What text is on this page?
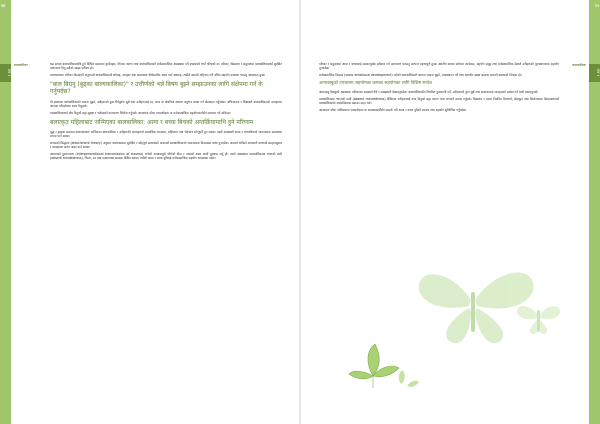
१४
सत्र १
बालबालिका	यस सत्रमा बालबालिकामाथि हुने विभिन्न प्रकारका दुर्व्यवहार, तिनका कारण तथा बालबालिकाको मनोसामाजिक अवस्थामा पर्ने प्रभावबारे चर्चा गरिएको छ। परिवार, विद्यालय र समुदायमा बालबालिकालाई सुरक्षित वातावरण दिनु सबैको साझा दायित्व हो।

बाल्यकालमा भोगेका पीडादायी अनुभवले बालबालिकाको सोचाइ, व्यवहार तथा सम्बन्धमा दीर्घकालीन असर पार्न सक्छन्। त्यसैले समयमै पहिचान गरी उचित सहयोग उपलब्ध गराउनु आवश्यक हुन्छ।

"बाल बिग्रनु (बुढ्का बाल्यकालिका)" र उत्तीर्णको भन्ने बिषय बुझ्ने सम्झाउनका लागि संक्षेपमा गर्न के गर्नुपर्दछ?

यो सवालमा बालबालिकाको भावना बुझ्ने, उनीहरूको कुरा धैर्यपूर्वक सुन्ने तथा उनीहरूलाई डर, लाज वा दोषबिना आफ्ना अनुभव व्यक्त गर्न प्रोत्साहन गर्नुपर्दछ। अभिभावक र शिक्षकले बालबालिकाको व्यवहारमा आएका परिवर्तनमा ध्यान दिनुपर्छ।

बालबालिकालाई दोष दिनुको सट्टा सुरक्षा र भरोसाको वातावरण सिर्जना गर्नुपर्छ। आवश्यक परेमा परामर्शदाता वा मनोसामाजिक सहयोगकर्तासँग समन्वय गर्न सकिन्छ।

बलात्कृत महिलाबाट जन्मिएका बालबालिका: आमा र बच्चा बिचको अन्तर्क्रियामाथि हुने परिणाम

युद्ध र द्वन्द्वका समयमा बलात्कारबाट जन्मिएका बालबालिका र उनीहरूकी आमाहरूले सामाजिक लाञ्छना, बहिष्कार तथा भेदभाव भोग्नुपर्ने हुन सक्छ। यस्तो अवस्थाले आमा र बच्चाबिचको भावनात्मक सम्बन्धमा प्रभाव पार्न सक्छ।

लगावको सिद्धान्त (attachment theory) अनुसार बाल्यकालमा सुरक्षित र स्नेहपूर्ण सम्बन्धको अभावले बालबालिकाको भावनात्मक विकासमा बाधा पुर्‍याउँछ। आमाले भोगेको आघातले बच्चाको स्याहारसुसार र व्यवहारमा समेत असर पार्न सक्छ।

आघातको पुस्तान्तरण (intergenerational transmission of trauma) भनेको आमाबाबुले भोगेको पीडा र त्यसको असर अर्को पुस्तामा सर्नु हो। यस्तो अवस्थामा बालबालिकामा ध्यानको कमी (absent mindedness), चिन्ता, डर तथा एकाग्रतामा समस्या देखिन सक्छ। त्यसैले आमा र बच्चा दुवैलाई मनोसामाजिक सहयोग आवश्यक पर्दछ।

१५
सत्र १
बालबालिका

परिवार र समुदायमा आमा र बच्चालाई सम्मानपूर्वक स्वीकार गर्ने वातावरण बनाउनु अत्यन्त महत्त्वपूर्ण हुन्छ। स्थानीय स्तरमा सचेतना कार्यक्रम, सहयोग समूह तथा मनोसामाजिक सेवाले उनीहरूको पुनःस्थापनामा सहयोग पुर्‍याउँछ।

मनोसामाजिक विकास (socio-emotional development) भनेको बालबालिकाले आफ्ना भावना बुझ्ने, व्यवस्थापन गर्ने तथा अरूसँग स्वस्थ सम्बन्ध बनाउने क्षमताको विकास हो।

आमाबाबुको उपचारमा सहयोगका कमका सहयोगका लागि विशिष्ट सन्देश

आमाबाबु बिग्रनुको अवस्थामा परिवारका सदस्यले धैर्य र समझदारी देखाउनुपर्दछ। बालबालिकासँग नियमित कुराकानी गर्ने, उनीहरूको कुरा सुन्ने तथा सकारात्मक व्यवहारको प्रशंसा गर्ने बानी बसाल्नुपर्छ।

बालबालिकामा ध्यानको कमी (absent mindedness) देखिएमा उनीहरूलाई दण्ड दिनुको सट्टा कारण पत्ता लगाउने प्रयास गर्नुपर्छ। विद्यालय र घरमा नियमित दिनचर्या, खेलकुद तथा सिर्जनात्मक क्रियाकलापले बालबालिकाको आत्मविश्वास बढाउन मद्दत गर्छ।

आवश्यक परेमा तालिमप्राप्त परामर्शदाता वा स्वास्थ्यकर्मीसँग सम्पर्क गरी आमा र बच्चा दुवैको उपचार तथा सहयोग सुनिश्चित गर्नुपर्दछ।
